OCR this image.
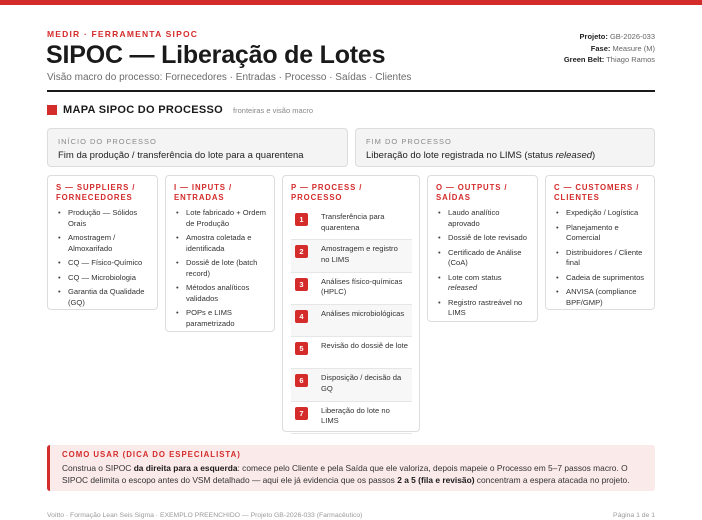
MEDIR · FERRAMENTA SIPOC
SIPOC — Liberação de Lotes
Visão macro do processo: Fornecedores · Entradas · Processo · Saídas · Clientes
Projeto: GB-2026-033
Fase: Measure (M)
Green Belt: Thiago Ramos
MAPA SIPOC DO PROCESSO fronteiras e visão macro
INÍCIO DO PROCESSO
Fim da produção / transferência do lote para a quarentena
FIM DO PROCESSO
Liberação do lote registrada no LIMS (status released)
S — SUPPLIERS /
FORNECEDORES
• Produção — Sólidos Orais
• Amostragem / Almoxarifado
• CQ — Físico-Químico
• CQ — Microbiologia
• Garantia da Qualidade (GQ)
I — INPUTS /
ENTRADAS
• Lote fabricado + Ordem de Produção
• Amostra coletada e identificada
• Dossiê de lote (batch record)
• Métodos analíticos validados
• POPs e LIMS parametrizado
P — PROCESS /
PROCESSO
1	Transferência para quarentena
2	Amostragem e registro no LIMS
3	Análises físico-químicas (HPLC)
4	Análises microbiológicas
5	Revisão do dossiê de lote
6	Disposição / decisão da GQ
7	Liberação do lote no LIMS
O — OUTPUTS /
SAÍDAS
• Laudo analítico aprovado
• Dossiê de lote revisado
• Certificado de Análise (CoA)
• Lote com status released
• Registro rastreável no LIMS
C — CUSTOMERS /
CLIENTES
• Expedição / Logística
• Planejamento e Comercial
• Distribuidores / Cliente final
• Cadeia de suprimentos
• ANVISA (compliance BPF/GMP)
COMO USAR (DICA DO ESPECIALISTA)
Construa o SIPOC da direita para a esquerda: comece pelo Cliente e pela Saída que ele valoriza, depois mapeie o Processo em 5–7 passos macro. O SIPOC delimita o escopo antes do VSM detalhado — aqui ele já evidencia que os passos 2 a 5 (fila e revisão) concentram a espera atacada no projeto.
Voitto · Formação Lean Seis Sigma · EXEMPLO PREENCHIDO — Projeto GB-2026-033 (Farmacêutico)	Página 1 de 1
